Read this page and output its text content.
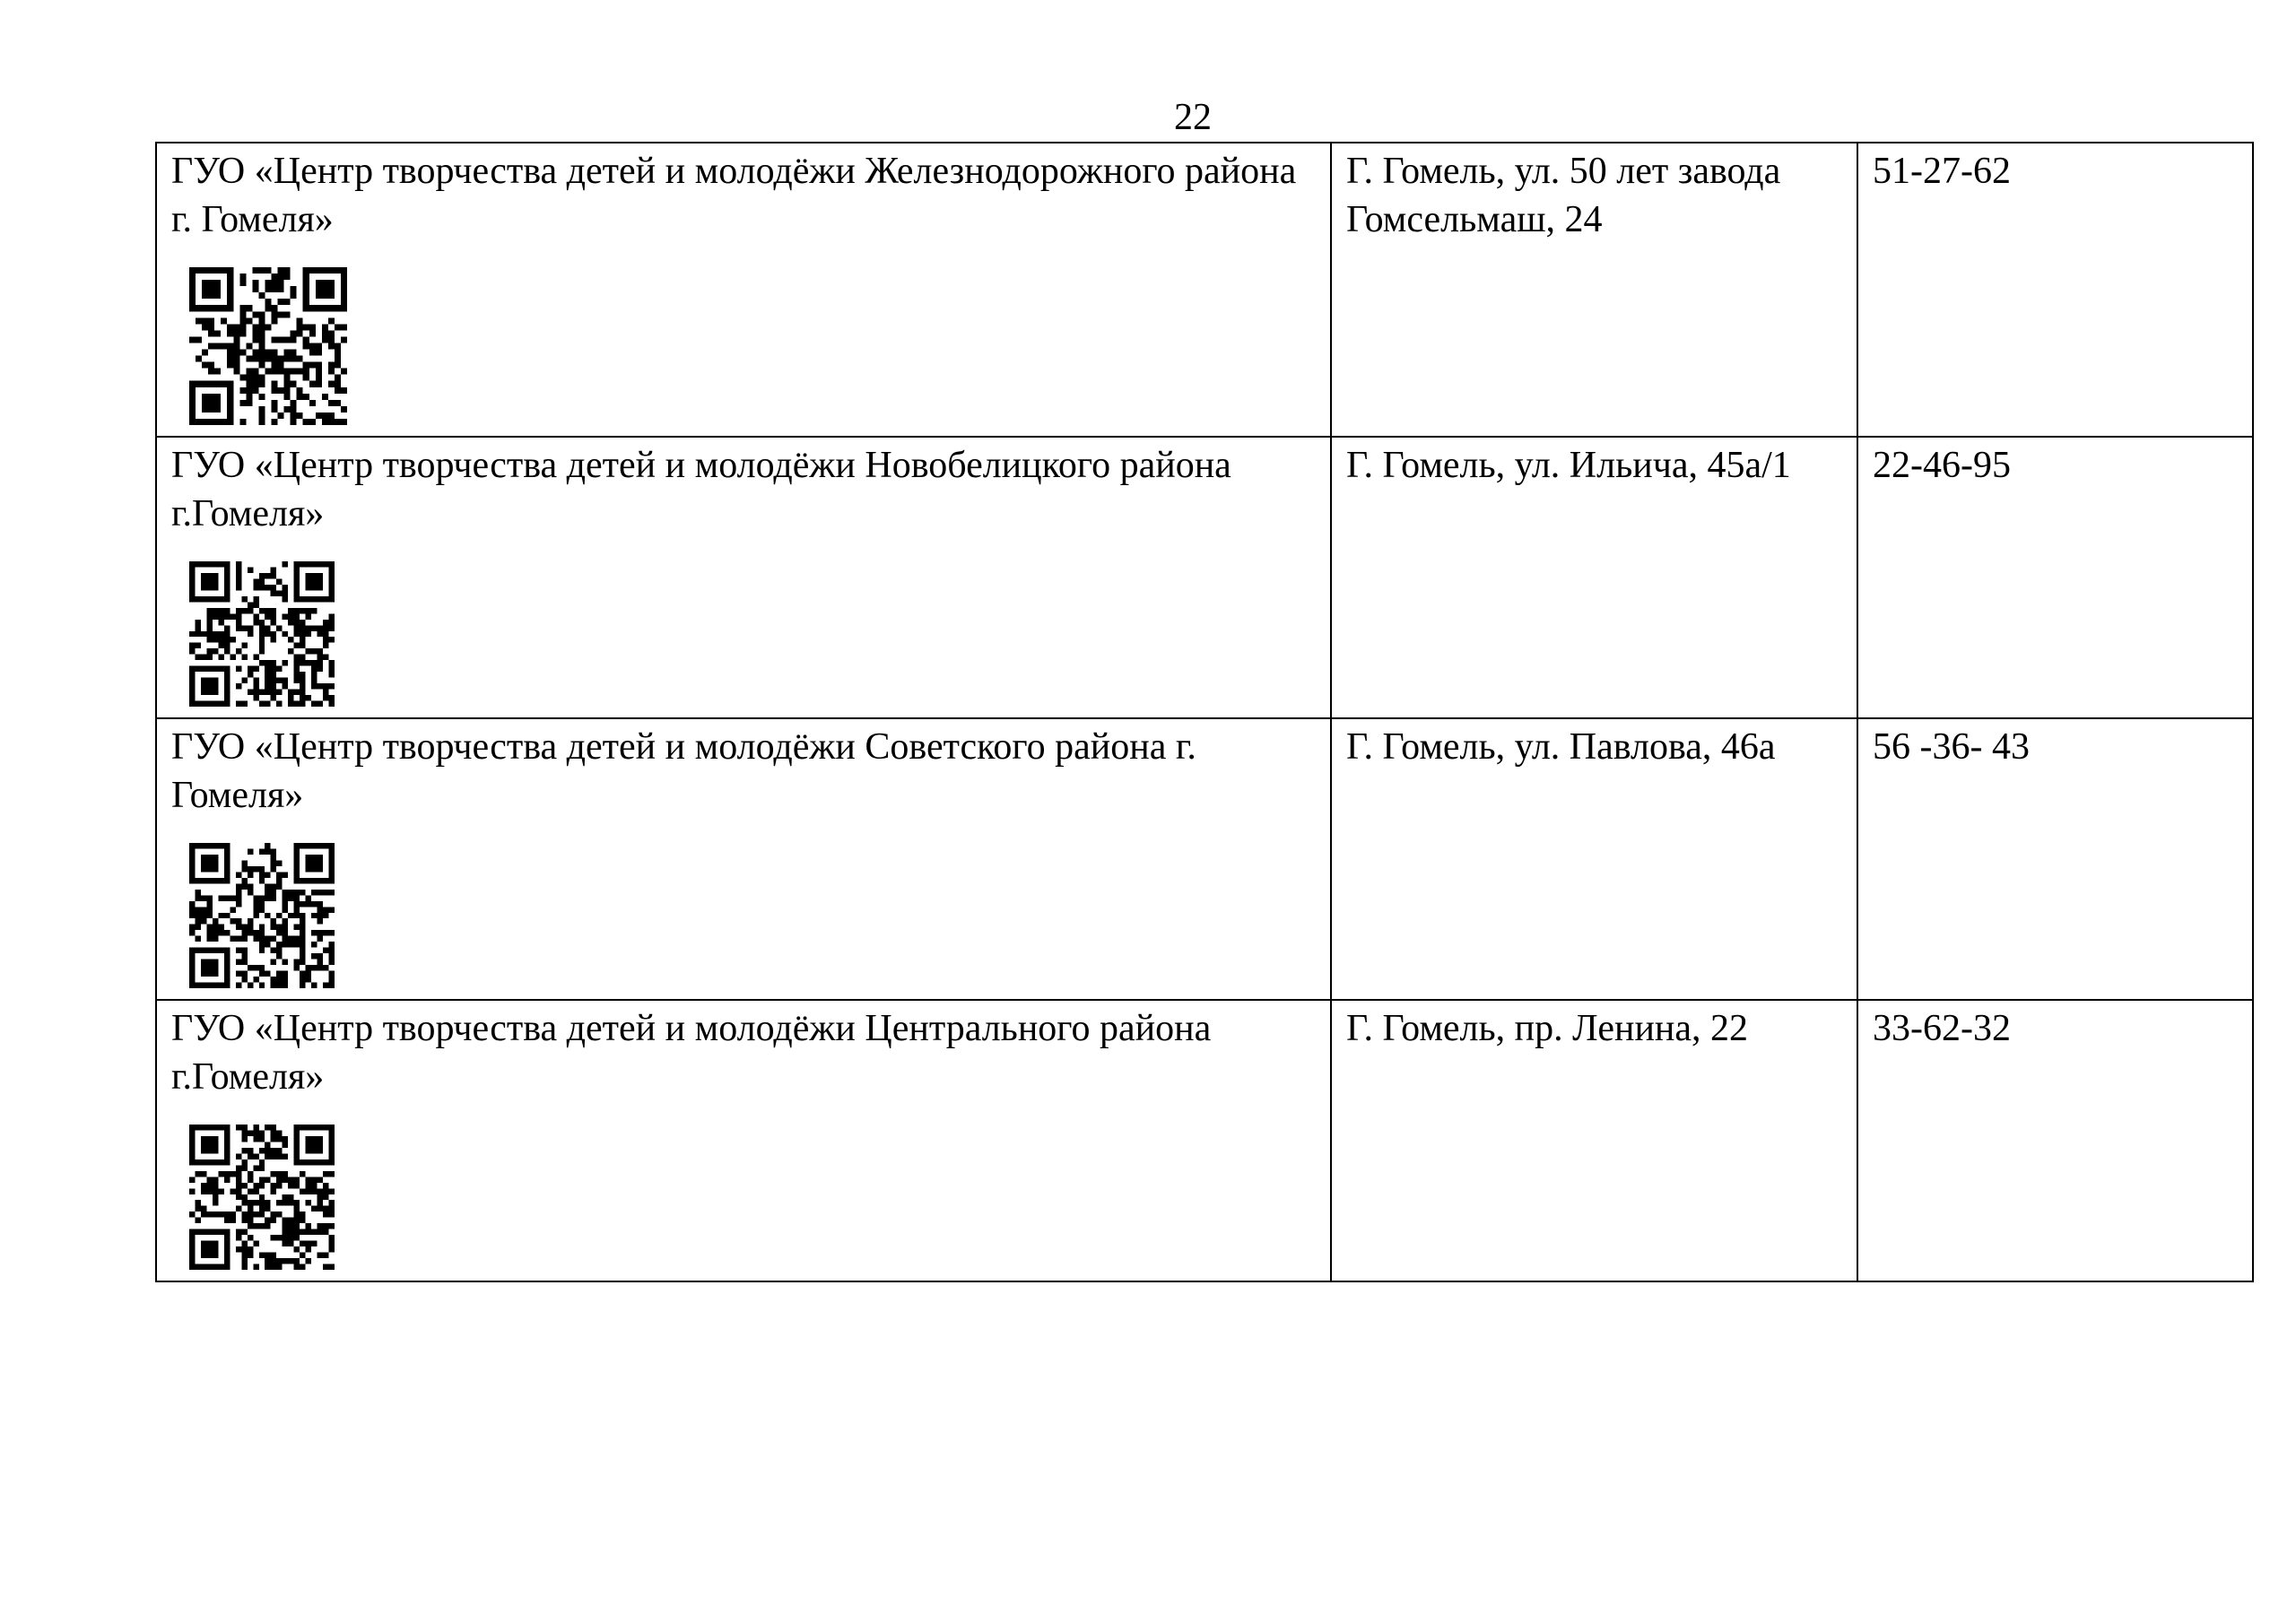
22
ГУО «Центр творчества детей и молодёжи Железнодорожного района г. Гомеля»	Г. Гомель, ул. 50 лет завода Гомсельмаш, 24	51-27-62

ГУО «Центр творчества детей и молодёжи Новобелицкого района г.Гомеля»	Г. Гомель, ул. Ильича, 45а/1	22-46-95

ГУО «Центр творчества детей и молодёжи Советского района г. Гомеля»	Г. Гомель, ул. Павлова, 46а	56 -36- 43

ГУО «Центр творчества детей и молодёжи Центрального района г.Гомеля»	Г. Гомель, пр. Ленина, 22	33-62-32
